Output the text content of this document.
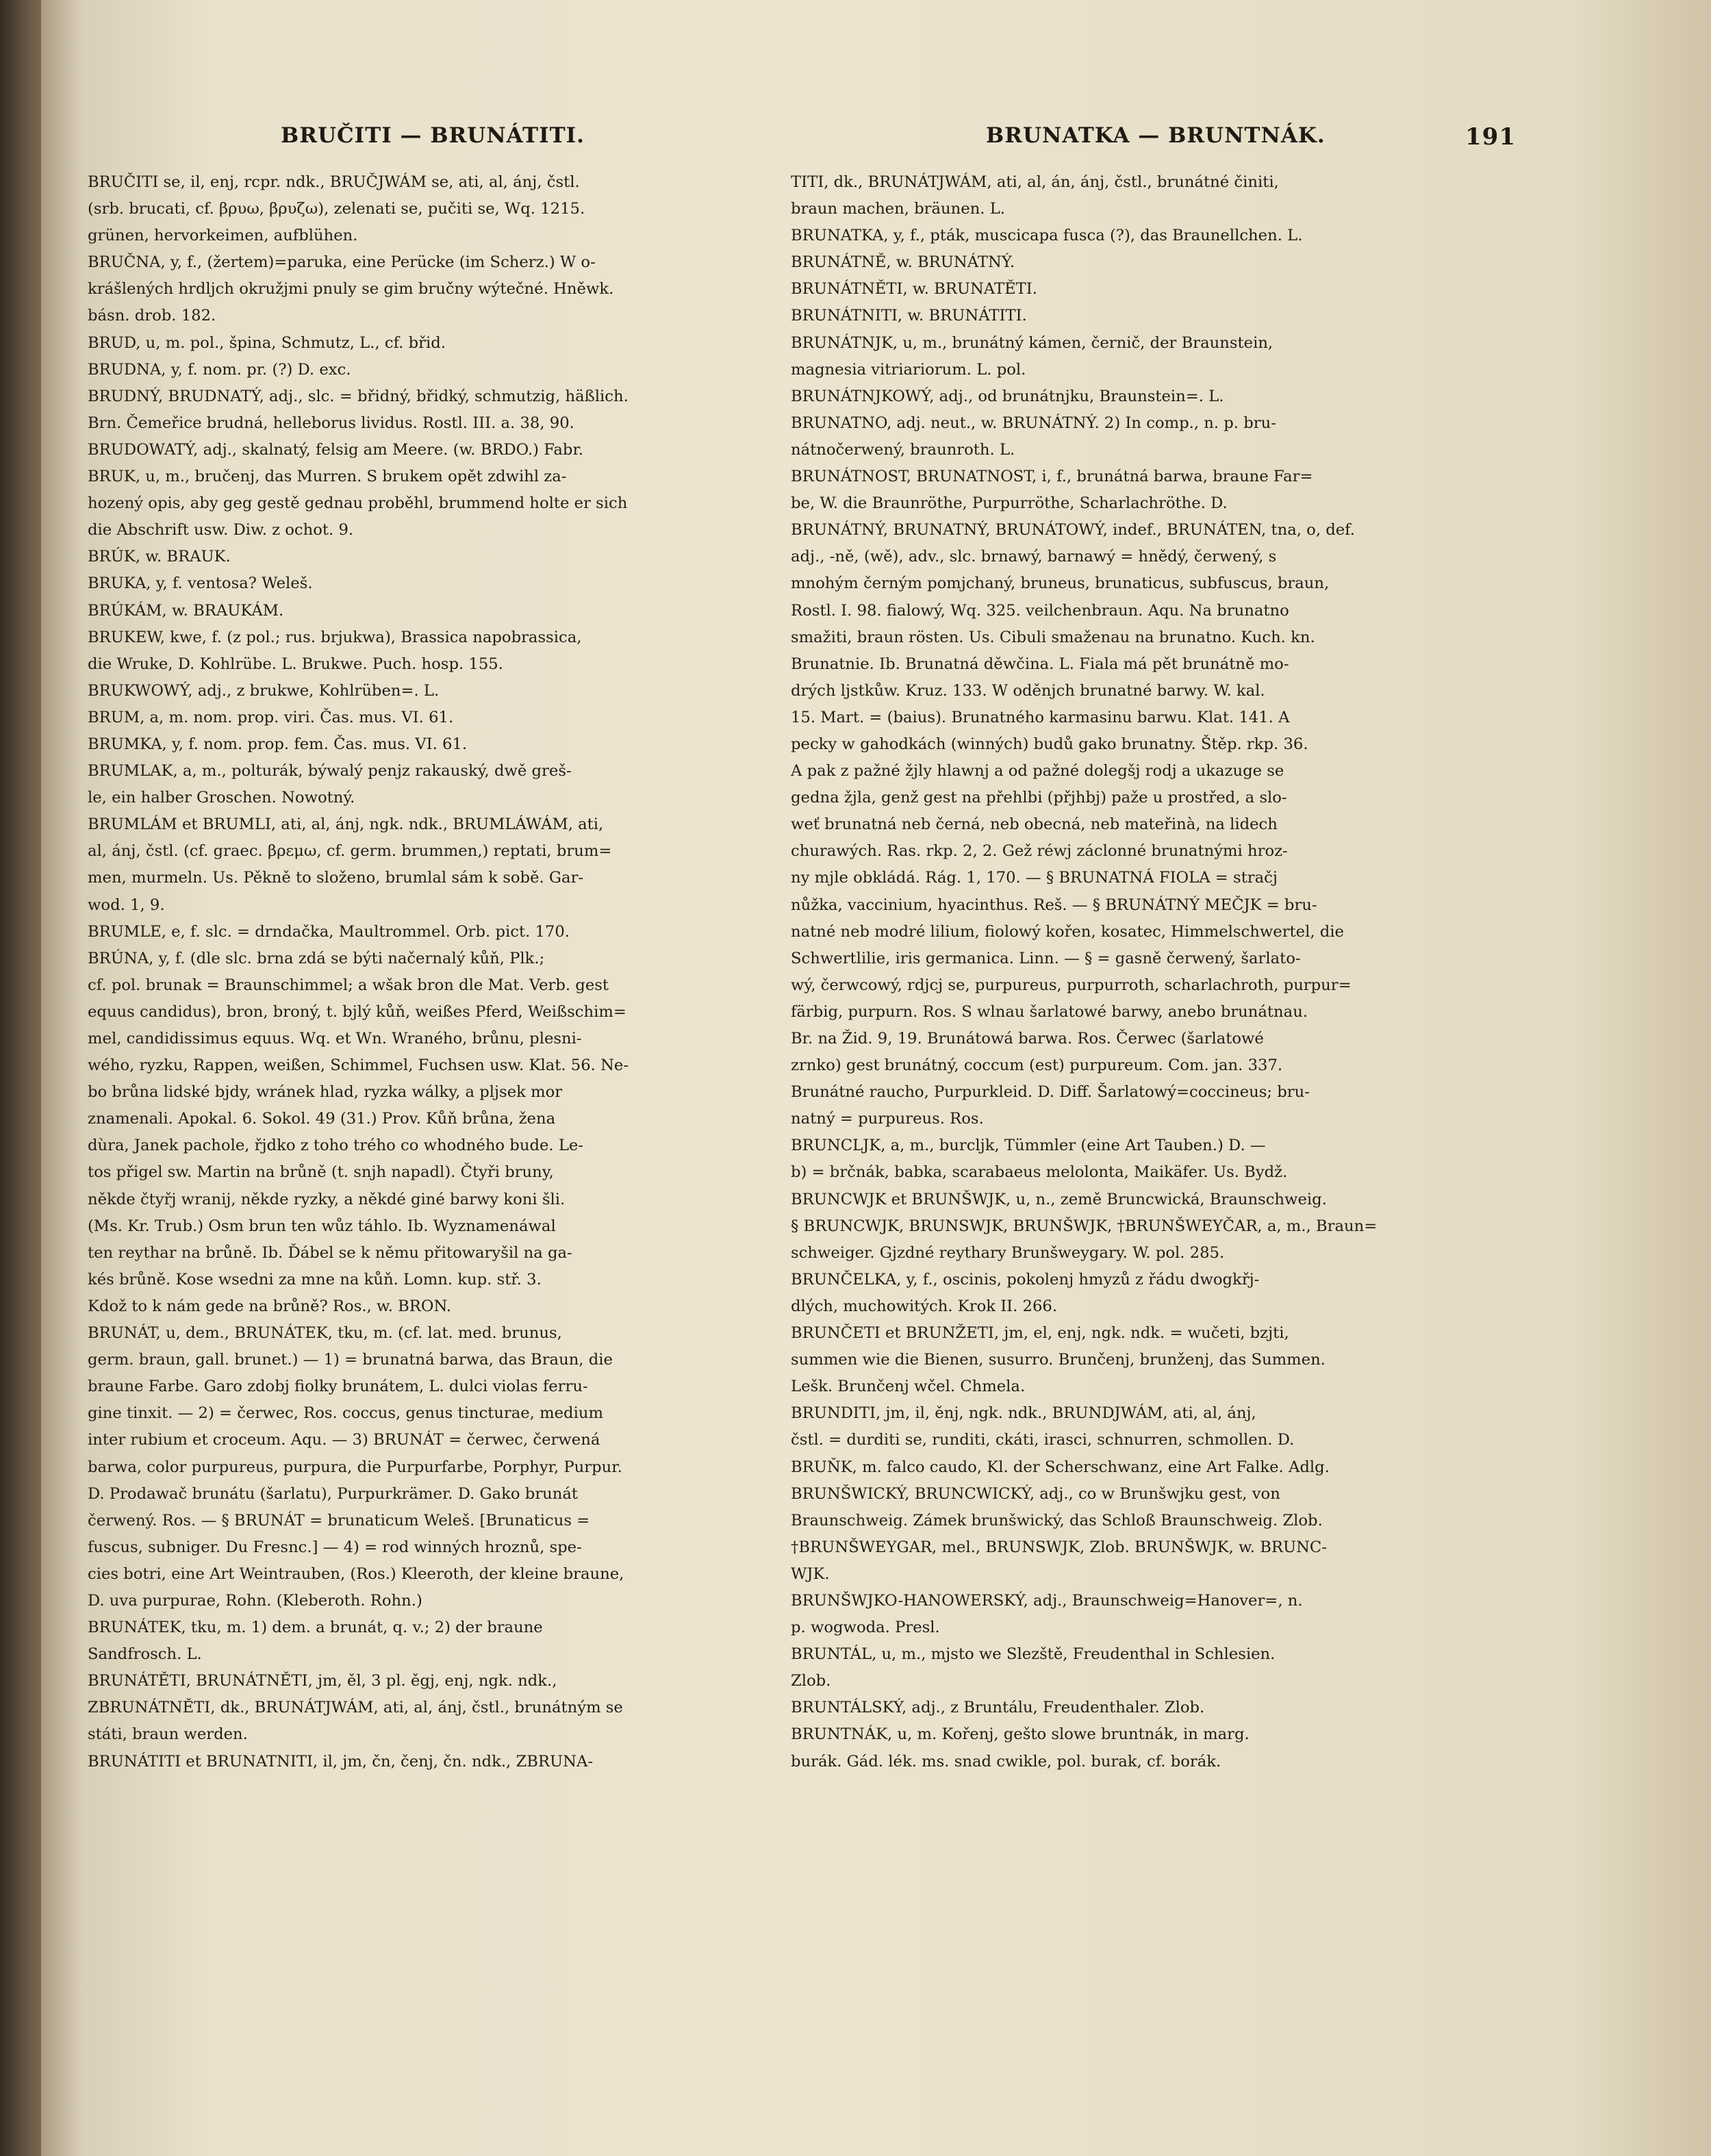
BRUČITI — BRUNÁTITI.	BRUNATKA — BRUNTNÁK.	191
BRUČITI se, il, enj, rcpr. ndk., BRUČJWÁM se, ati, al, ánj, čstl.
(srb. brucati, cf. βρυω, βρυζω), zelenati se, pučiti se, Wq. 1215.
grünen, hervorkeimen, aufblühen.
BRUČNA, y, f., (žertem)=paruka, eine Perücke (im Scherz.) W o-
krášlených hrdljch okružjmi pnuly se gim bručny wýtečné. Hněwk.
básn. drob. 182.
BRUD, u, m. pol., špina, Schmutz, L., cf. břid.
BRUDNA, y, f. nom. pr. (?) D. exc.
BRUDNÝ, BRUDNATÝ, adj., slc. = břidný, břidký, schmutzig, häßlich.
Brn. Čemeřice brudná, helleborus lividus. Rostl. III. a. 38, 90.
BRUDOWATÝ, adj., skalnatý, felsig am Meere. (w. BRDO.) Fabr.
BRUK, u, m., bručenj, das Murren. S brukem opět zdwihl za-
hozený opis, aby geg gestě gednau proběhl, brummend holte er sich
die Abschrift usw. Diw. z ochot. 9.
BRÚK, w. BRAUK.
BRUKA, y, f. ventosa? Weleš.
BRÚKÁM, w. BRAUKÁM.
BRUKEW, kwe, f. (z pol.; rus. brjukwa), Brassica napobrassica,
die Wruke, D. Kohlrübe. L. Brukwe. Puch. hosp. 155.
BRUKWOWÝ, adj., z brukwe, Kohlrüben=. L.
BRUM, a, m. nom. prop. viri. Čas. mus. VI. 61.
BRUMKA, y, f. nom. prop. fem. Čas. mus. VI. 61.
BRUMLAK, a, m., polturák, býwalý penjz rakauský, dwě greš-
le, ein halber Groschen. Nowotný.
BRUMLÁM et BRUMLI, ati, al, ánj, ngk. ndk., BRUMLÁWÁM, ati,
al, ánj, čstl. (cf. graec. βρεμω, cf. germ. brummen,) reptati, brum=
men, murmeln. Us. Pěkně to složeno, brumlal sám k sobě. Gar-
wod. 1, 9.
BRUMLE, e, f. slc. = drndačka, Maultrommel. Orb. pict. 170.
BRÚNA, y, f. (dle slc. brna zdá se býti načernalý kůň, Plk.;
cf. pol. brunak = Braunschimmel; a wšak bron dle Mat. Verb. gest
equus candidus), bron, broný, t. bjlý kůň, weißes Pferd, Weißschim=
mel, candidissimus equus. Wq. et Wn. Wraného, brůnu, plesni-
wého, ryzku, Rappen, weißen, Schimmel, Fuchsen usw. Klat. 56. Ne-
bo brůna lidské bjdy, wránek hlad, ryzka wálky, a pljsek mor
znamenali. Apokal. 6. Sokol. 49 (31.) Prov. Kůň brůna, žena
dùra, Janek pacholе, řjdko z toho trého co whodného bude. Le-
tos přigel sw. Martin na brůně (t. snjh napadl). Čtyři bruny,
někde čtyřj wranij, někde ryzky, a někdé giné barwy koni šli.
(Ms. Kr. Trub.) Osm brun ten wůz táhlo. Ib. Wyznamenáwal
ten reythar na brůně. Ib. Ďábel se k němu přitowaryšil na ga-
kés brůně. Kose wsedni za mne na kůň. Lomn. kup. stř. 3.
Kdož to k nám gede na brůně? Ros., w. BRON.
BRUNÁT, u, dem., BRUNÁTEK, tku, m. (cf. lat. med. brunus,
germ. braun, gall. brunet.) — 1) = brunatná barwa, das Braun, die
braune Farbe. Garo zdobj fiolky brunátem, L. dulci violas ferru-
gine tinxit. — 2) = čerwec, Ros. coccus, genus tincturae, medium
inter rubium et croceum. Aqu. — 3) BRUNÁT = čerwec, čerwená
barwa, color purpureus, purpura, die Purpurfarbe, Porphyr, Purpur.
D. Prodawač brunátu (šarlatu), Purpurkrämer. D. Gako brunát
čerwený. Ros. — § BRUNÁT = brunaticum Weleš. [Brunaticus =
fuscus, subniger. Du Fresnc.] — 4) = rod winných hroznů, spe-
cies botri, eine Art Weintrauben, (Ros.) Kleeroth, der kleine braune,
D. uva purpurae, Rohn. (Kleberoth. Rohn.)
BRUNÁTEK, tku, m. 1) dem. a brunát, q. v.; 2) der braune
Sandfrosch. L.
BRUNÁTĚTI, BRUNÁTNĚTI, jm, ěl, 3 pl. ěgj, enj, ngk. ndk.,
ZBRUNÁTNĚTI, dk., BRUNÁTJWÁM, ati, al, ánj, čstl., brunátným se
státi, braun werden.
BRUNÁTITI et BRUNATNITI, il, jm, čn, čenj, čn. ndk., ZBRUNA-
TITI, dk., BRUNÁTJWÁM, ati, al, án, ánj, čstl., brunátné činiti,
braun machen, bräunen. L.
BRUNATKA, y, f., pták, muscicapa fusca (?), das Braunellchen. L.
BRUNÁTNĚ, w. BRUNÁTNÝ.
BRUNÁTNĚTI, w. BRUNATĚTI.
BRUNÁTNITI, w. BRUNÁTITI.
BRUNÁTNJK, u, m., brunátný kámen, černič, der Braunstein,
magnesia vitriariorum. L. pol.
BRUNÁTNJKOWÝ, adj., od brunátnjku, Braunstein=. L.
BRUNATNO, adj. neut., w. BRUNÁTNÝ. 2) In comp., n. p. bru-
nátnočerwený, braunroth. L.
BRUNÁTNOST, BRUNATNOST, i, f., brunátná barwa, braune Far=
be, W. die Braunröthe, Purpurröthe, Scharlachröthe. D.
BRUNÁTNÝ, BRUNATNÝ, BRUNÁTOWÝ, indef., BRUNÁTEN, tna, o, def.
adj., -ně, (wě), adv., slc. brnawý, barnawý = hnědý, čerwený, s
mnohým černým pomjchaný, bruneus, brunaticus, subfuscus, braun,
Rostl. I. 98. fialowý, Wq. 325. veilchenbraun. Aqu. Na brunatno
smažiti, braun rösten. Us. Cibuli smaženau na brunatno. Kuch. kn.
Brunatnie. Ib. Brunatná děwčina. L. Fiala má pět brunátně mo-
drých ljstkůw. Kruz. 133. W oděnjch brunatné barwy. W. kal.
15. Mart. = (baius). Brunatného karmasinu barwu. Klat. 141. A
pecky w gahodkách (winných) budů gako brunatny. Štěp. rkp. 36.
A pak z pažné žjly hlawnj a od pažné dolegšj rodj a ukazuge se
gedna žjla, genž gest na přehlbi (přjhbj) paže u prostřed, a slo-
wеť brunatná neb černá, neb obecná, neb mateřinà, na lidech
churawých. Ras. rkp. 2, 2. Gež réwj záclonné brunatnými hroz-
ny mjle obkládá. Rág. 1, 170. — § BRUNATNÁ FIOLA = stračj
nůžka, vaccinium, hyacinthus. Reš. — § BRUNÁTNÝ MEČJK = bru-
natné neb modré lilium, fiolowý kořen, kosatec, Himmelschwertel, die
Schwertlilie, iris germanica. Linn. — § = gasně čerwený, šarlato-
wý, čerwcowý, rdjcj se, purpureus, purpurroth, scharlachroth, purpur=
färbig, purpurn. Ros. S wlnau šarlatowé barwy, anebo brunátnau.
Br. na Žid. 9, 19. Brunátowá barwa. Ros. Čerwec (šarlatowé
zrnko) gest brunátný, coccum (est) purpureum. Com. jan. 337.
Brunátné raucho, Purpurkleid. D. Diff. Šarlatowý=coccineus; bru-
natný = purpureus. Ros.
BRUNCLJK, a, m., burcljk, Tümmler (eine Art Tauben.) D. —
b) = brčnák, babka, scarabaeus melolonta, Maikäfer. Us. Bydž.
BRUNCWJK et BRUNŠWJK, u, n., země Bruncwická, Braunschweig.
§ BRUNCWJK, BRUNSWJK, BRUNŠWJK, †BRUNŠWEYČAR, a, m., Braun=
schweiger. Gjzdné reythary Brunšweygary. W. pol. 285.
BRUNČELKA, y, f., oscinis, pokolenj hmyzů z řádu dwogkřj-
dlých, muchowitých. Krok II. 266.
BRUNČETI et BRUNŽETI, jm, el, enj, ngk. ndk. = wučeti, bzjti,
summen wie die Bienen, susurro. Brunčenj, brunženj, das Summen.
Lešk. Brunčenj wčel. Chmela.
BRUNDITI, jm, il, ěnj, ngk. ndk., BRUNDJWÁM, ati, al, ánj,
čstl. = durditi se, runditi, ckáti, irasci, schnurren, schmollen. D.
BRUŇK, m. falco caudo, Kl. der Scherschwanz, eine Art Falke. Adlg.
BRUNŠWICKÝ, BRUNCWICKÝ, adj., co w Brunšwjku gest, von
Braunschweig. Zámek brunšwický, das Schloß Braunschweig. Zlob.
†BRUNŠWEYGAR, mel., BRUNSWJK, Zlob. BRUNŠWJK, w. BRUNC-
WJK.
BRUNŠWJKO-HANOWERSKÝ, adj., Braunschweig=Hanover=, n.
p. wogwoda. Presl.
BRUNTÁL, u, m., mjsto we Slezště, Freudenthal in Schlesien.
Zlob.
BRUNTÁLSKÝ, adj., z Bruntálu, Freudenthaler. Zlob.
BRUNTNÁK, u, m. Kořenj, gešto slowe bruntnák, in marg.
burák. Gád. lék. ms. snad cwikle, pol. burak, cf. borák.
